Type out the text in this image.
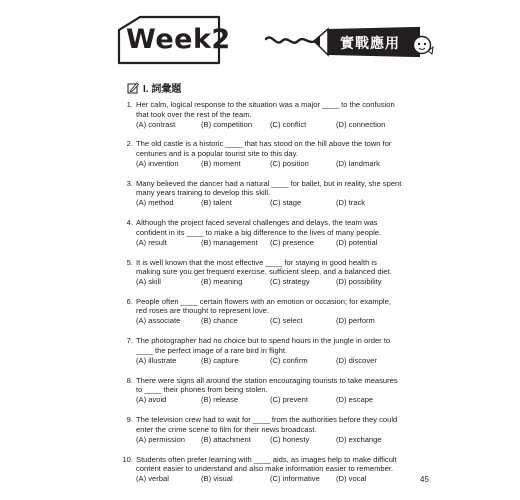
Week2	實戰應用
I. 詞彙題
1. Her calm, logical response to the situation was a major ____ to the confusion
that took over the rest of the team.
(A) contrast	(B) competition	(C) conflict	(D) connection
2. The old castle is a historic ____ that has stood on the hill above the town for
centuries and is a popular tourist site to this day.
(A) invention	(B) moment	(C) position	(D) landmark
3. Many believed the dancer had a natural ____ for ballet, but in reality, she spent
many years training to develop this skill.
(A) method	(B) talent	(C) stage	(D) track
4. Although the project faced several challenges and delays, the team was
confident in its ____ to make a big difference to the lives of many people.
(A) result	(B) management	(C) presence	(D) potential
5. It is well known that the most effective ____ for staying in good health is
making sure you get frequent exercise, sufficient sleep, and a balanced diet.
(A) skill	(B) meaning	(C) strategy	(D) possibility
6. People often ____ certain flowers with an emotion or occasion; for example,
red roses are thought to represent love.
(A) associate	(B) chance	(C) select	(D) perform
7. The photographer had no choice but to spend hours in the jungle in order to
____ the perfect image of a rare bird in flight.
(A) illustrate	(B) capture	(C) confirm	(D) discover
8. There were signs all around the station encouraging tourists to take measures
to ____ their phones from being stolen.
(A) avoid	(B) release	(C) prevent	(D) escape
9. The television crew had to wait for ____ from the authorities before they could
enter the crime scene to film for their news broadcast.
(A) permission	(B) attachment	(C) honesty	(D) exchange
10. Students often prefer learning with ____ aids, as images help to make difficult
content easier to understand and also make information easier to remember.
(A) verbal	(B) visual	(C) informative	(D) vocal	45
